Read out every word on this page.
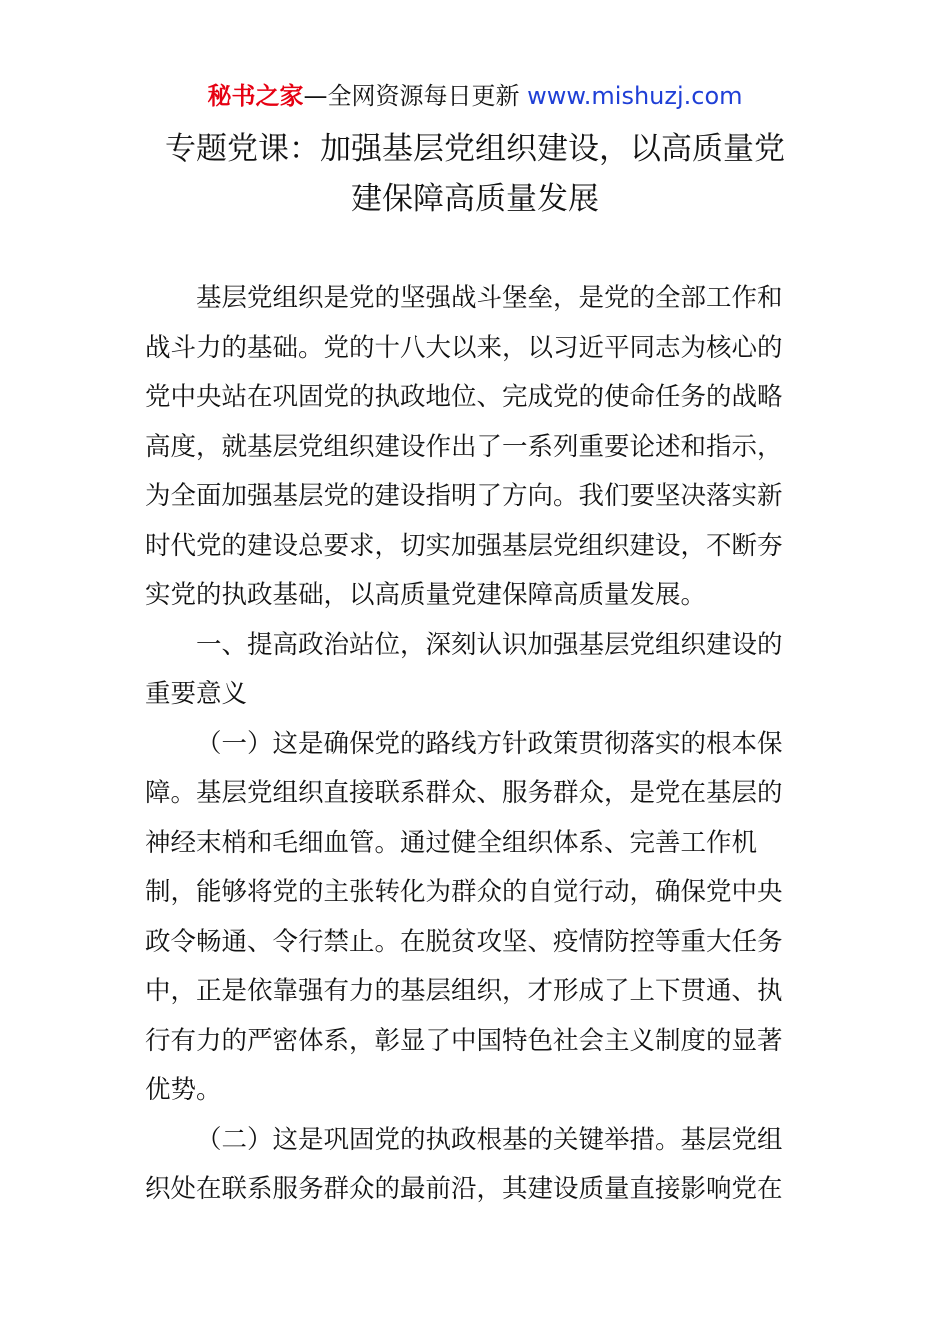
秘书之家—全网资源每日更新 www.mishuzj.com
专题党课：加强基层党组织建设，以高质量党
建保障高质量发展
基层党组织是党的坚强战斗堡垒，是党的全部工作和
战斗力的基础。党的十八大以来，以习近平同志为核心的
党中央站在巩固党的执政地位、完成党的使命任务的战略
高度，就基层党组织建设作出了一系列重要论述和指示，
为全面加强基层党的建设指明了方向。我们要坚决落实新
时代党的建设总要求，切实加强基层党组织建设，不断夯
实党的执政基础，以高质量党建保障高质量发展。
一、提高政治站位，深刻认识加强基层党组织建设的
重要意义
（一）这是确保党的路线方针政策贯彻落实的根本保
障。基层党组织直接联系群众、服务群众，是党在基层的
神经末梢和毛细血管。通过健全组织体系、完善工作机
制，能够将党的主张转化为群众的自觉行动，确保党中央
政令畅通、令行禁止。在脱贫攻坚、疫情防控等重大任务
中，正是依靠强有力的基层组织，才形成了上下贯通、执
行有力的严密体系，彰显了中国特色社会主义制度的显著
优势。
（二）这是巩固党的执政根基的关键举措。基层党组
织处在联系服务群众的最前沿，其建设质量直接影响党在
